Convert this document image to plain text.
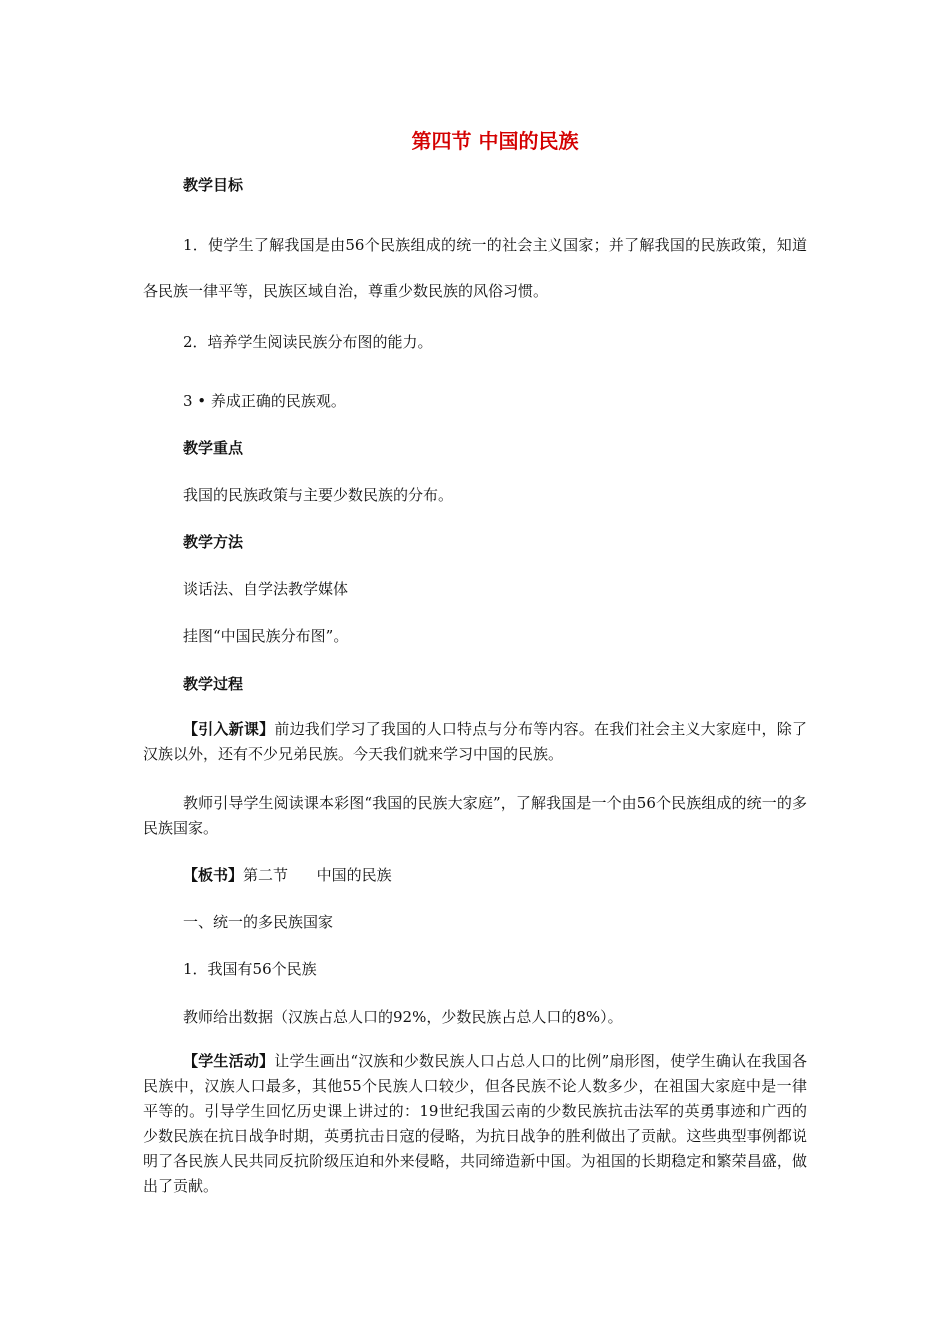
第四节 中国的民族
教学目标
1．使学生了解我国是由56个民族组成的统一的社会主义国家；并了解我国的民族政策，知道各民族一律平等，民族区域自治，尊重少数民族的风俗习惯。
2．培养学生阅读民族分布图的能力。
3 • 养成正确的民族观。
教学重点
我国的民族政策与主要少数民族的分布。
教学方法
谈话法、自学法教学媒体
挂图“中国民族分布图”。
教学过程
【引入新课】前边我们学习了我国的人口特点与分布等内容。在我们社会主义大家庭中，除了汉族以外，还有不少兄弟民族。今天我们就来学习中国的民族。
教师引导学生阅读课本彩图“我国的民族大家庭”，了解我国是一个由56个民族组成的统一的多民族国家。
【板书】第二节      中国的民族
一、统一的多民族国家
1．我国有56个民族
教师给出数据（汉族占总人口的92%，少数民族占总人口的8%）。
【学生活动】让学生画出“汉族和少数民族人口占总人口的比例”扇形图，使学生确认在我国各民族中，汉族人口最多，其他55个民族人口较少，但各民族不论人数多少，在祖国大家庭中是一律平等的。引导学生回忆历史课上讲过的：19世纪我国云南的少数民族抗击法军的英勇事迹和广西的少数民族在抗日战争时期，英勇抗击日寇的侵略，为抗日战争的胜利做出了贡献。这些典型事例都说明了各民族人民共同反抗阶级压迫和外来侵略，共同缔造新中国。为祖国的长期稳定和繁荣昌盛，做出了贡献。
